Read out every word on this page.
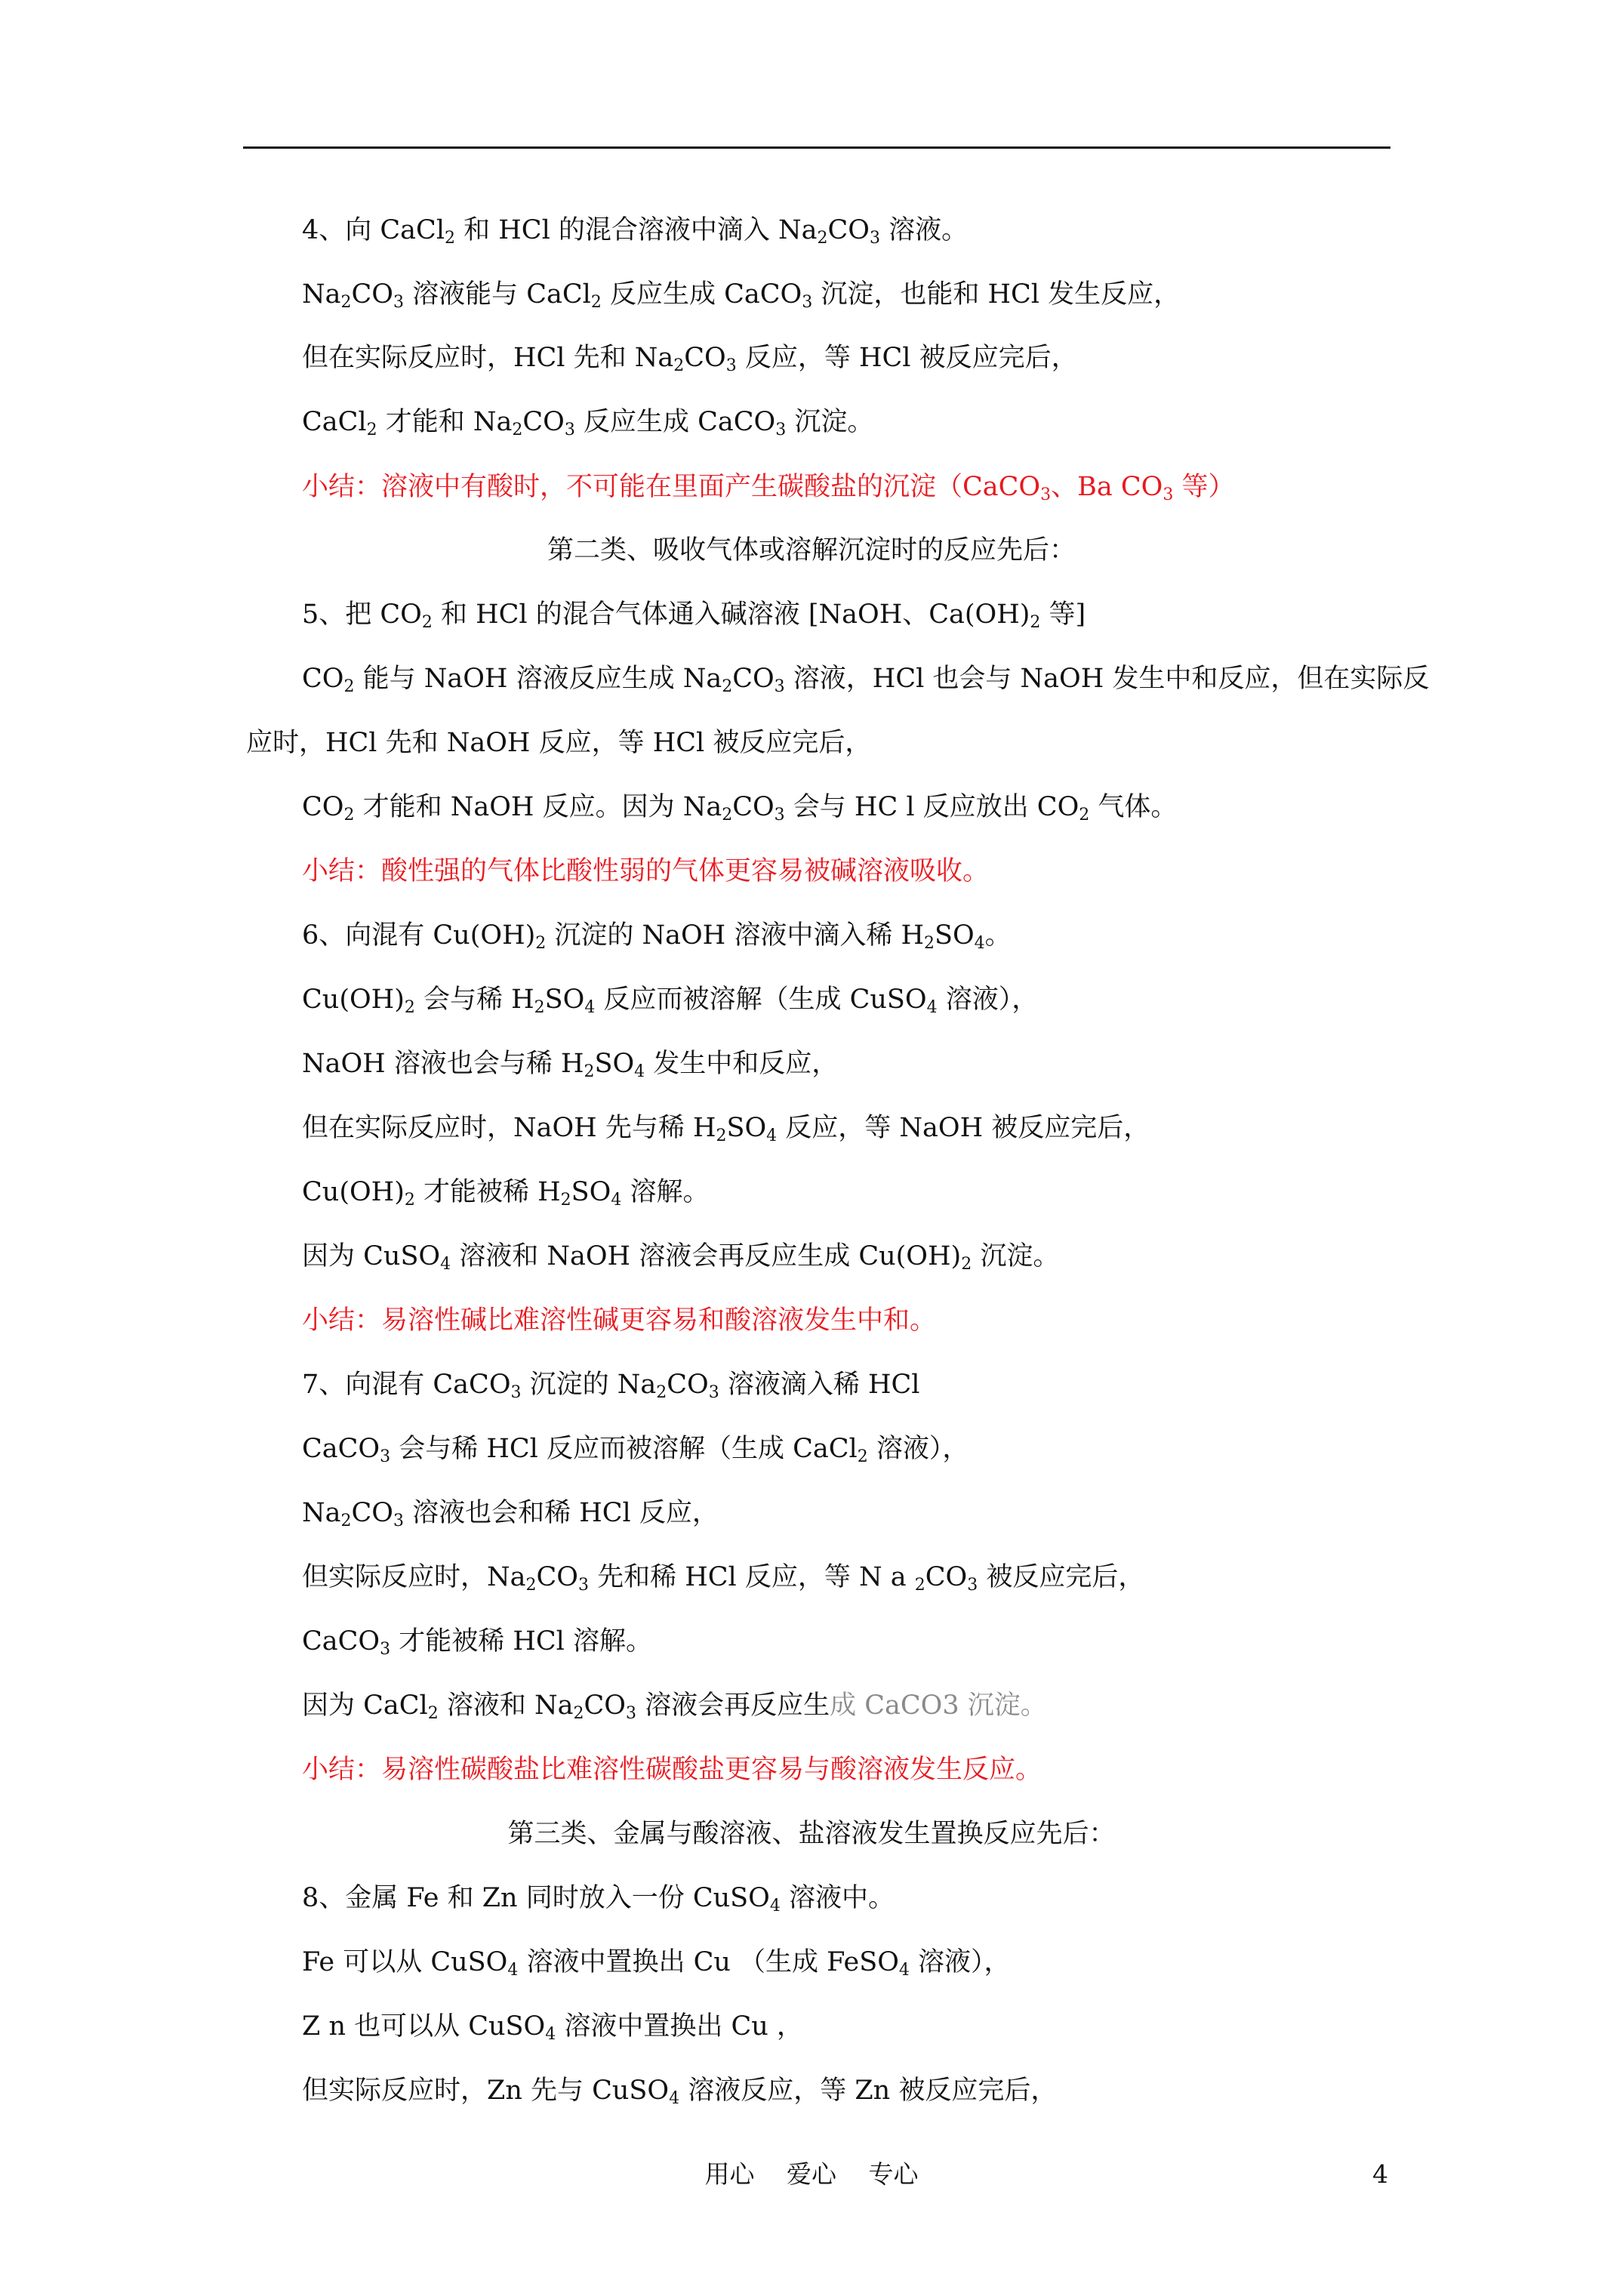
4、向 CaCl$_2$ 和 HCl 的混合溶液中滴入 $Na_2CO_3$ 溶液。
$Na_2CO_3$ 溶液能与 CaCl$_2$ 反应生成 CaCO$_3$ 沉淀，也能和 HCl 发生反应，
但在实际反应时，HCl 先和 $Na_2CO_3$ 反应，等 HCl 被反应完后，
CaCl$_2$ 才能和 $Na_2CO_3$ 反应生成 CaCO$_3$ 沉淀。
小结：溶液中有酸时，不可能在里面产生碳酸盐的沉淀（CaCO$_3$、Ba $CO_3$ 等）
第二类、吸收气体或溶解沉淀时的反应先后：
5、把 $CO_2$ 和 HCl 的混合气体通入碱溶液 [NaOH、$Ca(OH)_2$ 等]
$CO_2$ 能与 NaOH 溶液反应生成 $Na_2CO_3$ 溶液，HCl 也会与 NaOH 发生中和反应，但在实际反
应时，HCl 先和 NaOH 反应，等 HCl 被反应完后，
$CO_2$ 才能和 NaOH 反应。因为 $Na_2CO_3$ 会与 HC l 反应放出 $CO_2$ 气体。
小结：酸性强的气体比酸性弱的气体更容易被碱溶液吸收。
6、向混有 $Cu(OH)_2$ 沉淀的 NaOH 溶液中滴入稀 $H_2SO_4$。
$Cu(OH)_2$ 会与稀 $H_2SO_4$ 反应而被溶解（生成 CuSO$_4$ 溶液），
NaOH 溶液也会与稀 $H_2SO_4$ 发生中和反应，
但在实际反应时，NaOH 先与稀 $H_2SO_4$ 反应，等 NaOH 被反应完后，
$Cu(OH)_2$ 才能被稀 $H_2SO_4$ 溶解。
因为 CuSO$_4$ 溶液和 NaOH 溶液会再反应生成 $Cu(OH)_2$ 沉淀。
小结：易溶性碱比难溶性碱更容易和酸溶液发生中和。
7、向混有 CaCO$_3$ 沉淀的 $Na_2CO_3$ 溶液滴入稀 HCl
CaCO$_3$ 会与稀 HCl 反应而被溶解（生成 CaCl$_2$ 溶液），
$Na_2CO_3$ 溶液也会和稀 HCl 反应，
但实际反应时，$Na_2CO_3$ 先和稀 HCl 反应，等 N a $_2CO_3$ 被反应完后，
CaCO$_3$ 才能被稀 HCl 溶解。
因为 CaCl$_2$ 溶液和 $Na_2CO_3$ 溶液会再反应生成 CaCO3 沉淀。
小结：易溶性碳酸盐比难溶性碳酸盐更容易与酸溶液发生反应。
第三类、金属与酸溶液、盐溶液发生置换反应先后：
8、金属 Fe 和 Zn 同时放入一份 CuSO$_4$ 溶液中。
Fe 可以从 CuSO$_4$ 溶液中置换出 Cu （生成 FeSO$_4$ 溶液），
Z n 也可以从 CuSO$_4$ 溶液中置换出 Cu ，
但实际反应时，Zn 先与 CuSO$_4$ 溶液反应，等 Zn 被反应完后，
用心 爱心 专心	4
